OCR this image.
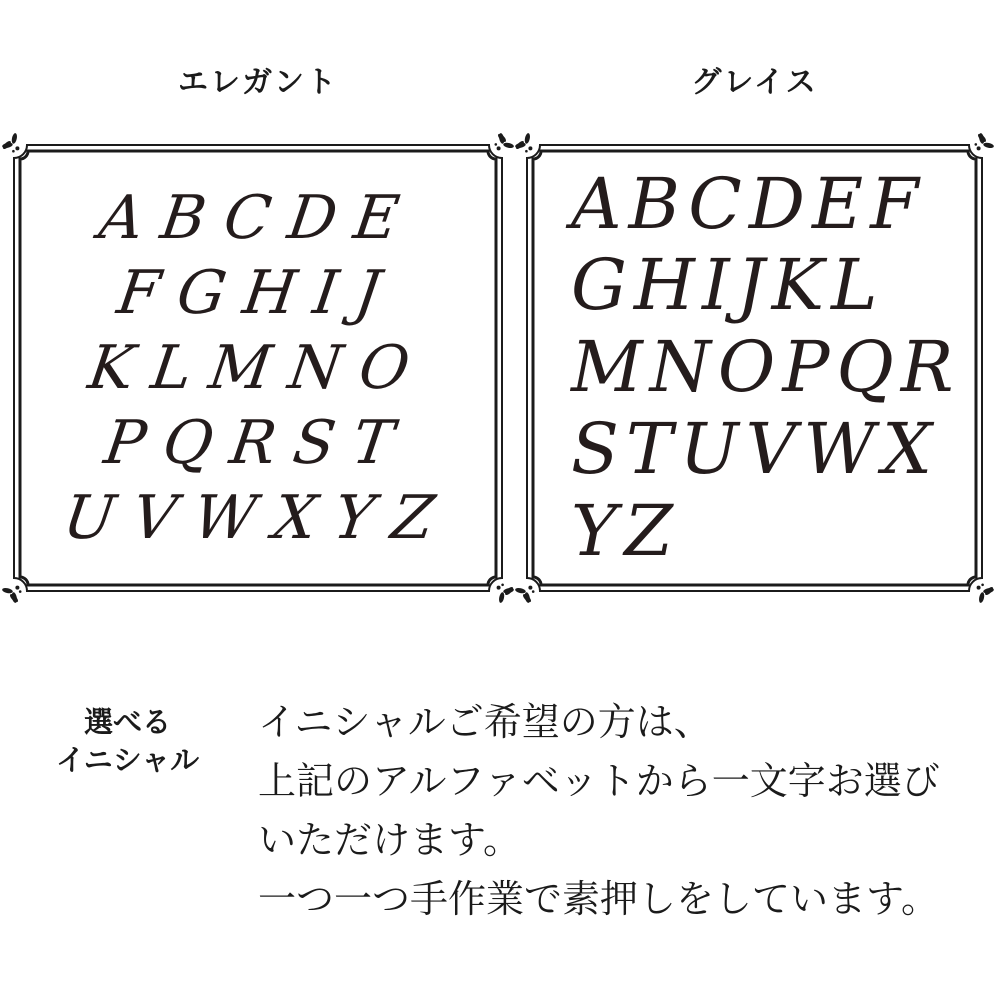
エレガント	グレイス
ABCDE
FGHIJ
KLMNO
PQRST
UVWXYZ
ABCDEF
GHIJKL
MNOPQR
STUVWX
YZ
選べる
イニシャル
イニシャルご希望の方は、
上記のアルファベットから一文字お選び
いただけます。
一つ一つ手作業で素押しをしています。
